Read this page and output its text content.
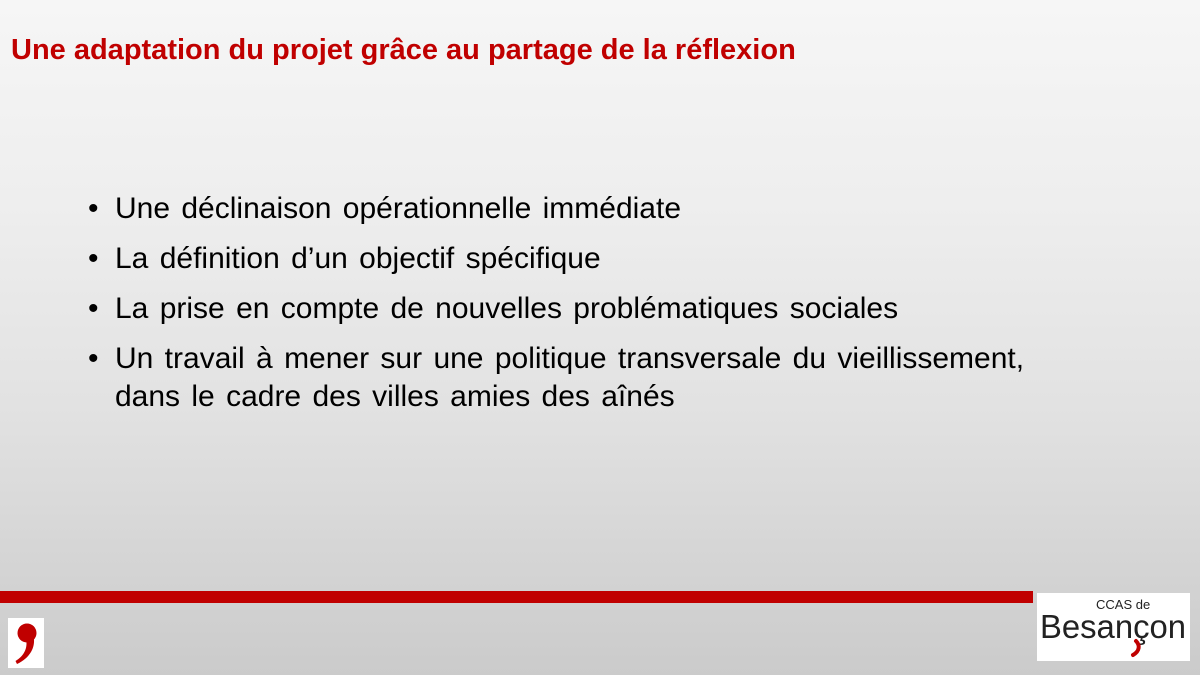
Une adaptation du projet grâce au partage de la réflexion
• Une déclinaison opérationnelle immédiate
• La définition d’un objectif spécifique
• La prise en compte de nouvelles problématiques sociales
• Un travail à mener sur une politique transversale du vieillissement, dans le cadre des villes amies des aînés
CCAS de
Besançon
